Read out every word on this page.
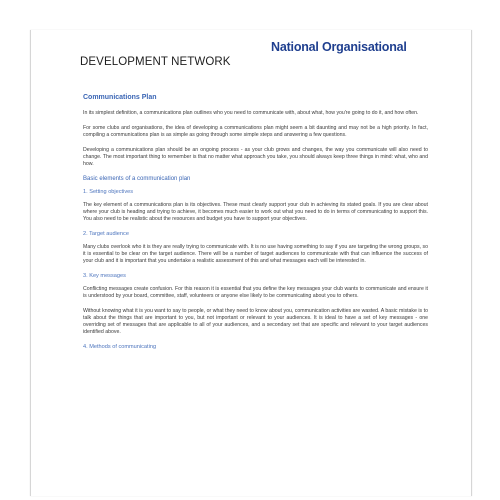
National Organisational
DEVELOPMENT NETWORK
Communications Plan

In its simplest definition, a communications plan outlines who you need to communicate with, about what, how you're going to do it, and how often.

For some clubs and organisations, the idea of developing a communications plan might seem a bit daunting and may not be a high priority. In fact, compiling a communications plan is as simple as going through some simple steps and answering a few questions.

Developing a communications plan should be an ongoing process - as your club grows and changes, the way you communicate will also need to change. The most important thing to remember is that no matter what approach you take, you should always keep three things in mind: what, who and how.

Basic elements of a communication plan
1. Setting objectives

The key element of a communications plan is its objectives. These must clearly support your club in achieving its stated goals. If you are clear about where your club is heading and trying to achieve, it becomes much easier to work out what you need to do in terms of communicating to support this. You also need to be realistic about the resources and budget you have to support your objectives.

2. Target audience

Many clubs overlook who it is they are really trying to communicate with. It is no use having something to say if you are targeting the wrong groups, so it is essential to be clear on the target audience. There will be a number of target audiences to communicate with that can influence the success of your club and it is important that you undertake a realistic assessment of this and what messages each will be interested in.

3. Key messages

Conflicting messages create confusion. For this reason it is essential that you define the key messages your club wants to communicate and ensure it is understood by your board, committee, staff, volunteers or anyone else likely to be communicating about you to others.

Without knowing what it is you want to say to people, or what they need to know about you, communication activities are wasted. A basic mistake is to talk about the things that are important to you, but not important or relevant to your audiences. It is ideal to have a set of key messages - one overriding set of messages that are applicable to all of your audiences, and a secondary set that are specific and relevant to your target audiences identified above.

4. Methods of communicating
